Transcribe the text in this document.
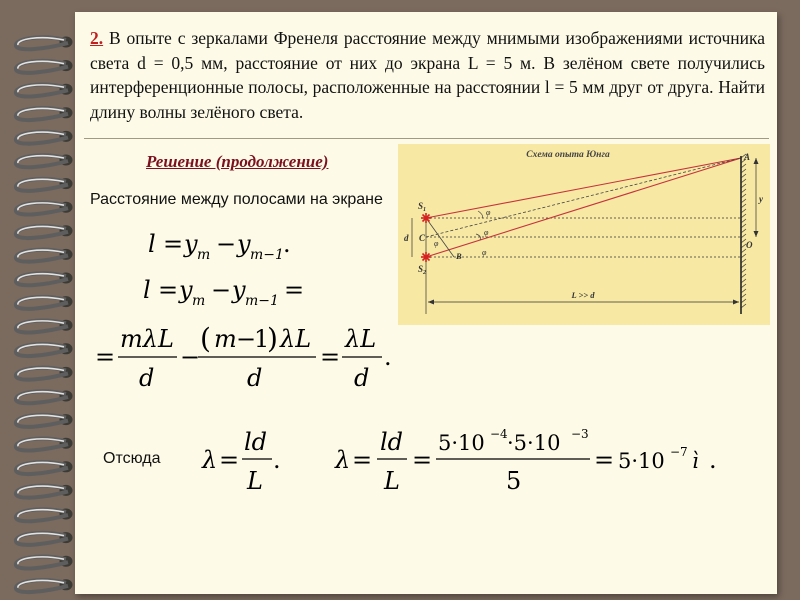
2. В опыте с зеркалами Френеля расстояние между мнимыми изображениями источника света d = 0,5 мм, расстояние от них до экрана L = 5 м. В зелёном свете получились интерференционные полосы, расположенные на расстоянии l = 5 мм друг от друга. Найти длину волны зелёного света.
Решение (продолжение)
Расстояние между полосами на экране
Схема опыта Юнга
L >> d
y
d
$S_1$
$S_2$
C
B
A
O
φ
φ
φ
φ
l = y m − y m−1 .
l = y m − y m−1 =
=
mλL
d
−
( m −
1
) λL
d
=
λL
d
.
λ =
ld
L
. λ =
ld
L
=
5·10 −4 ·5·10 −3
5
= 5·10 −7 ì .
Отсюда
